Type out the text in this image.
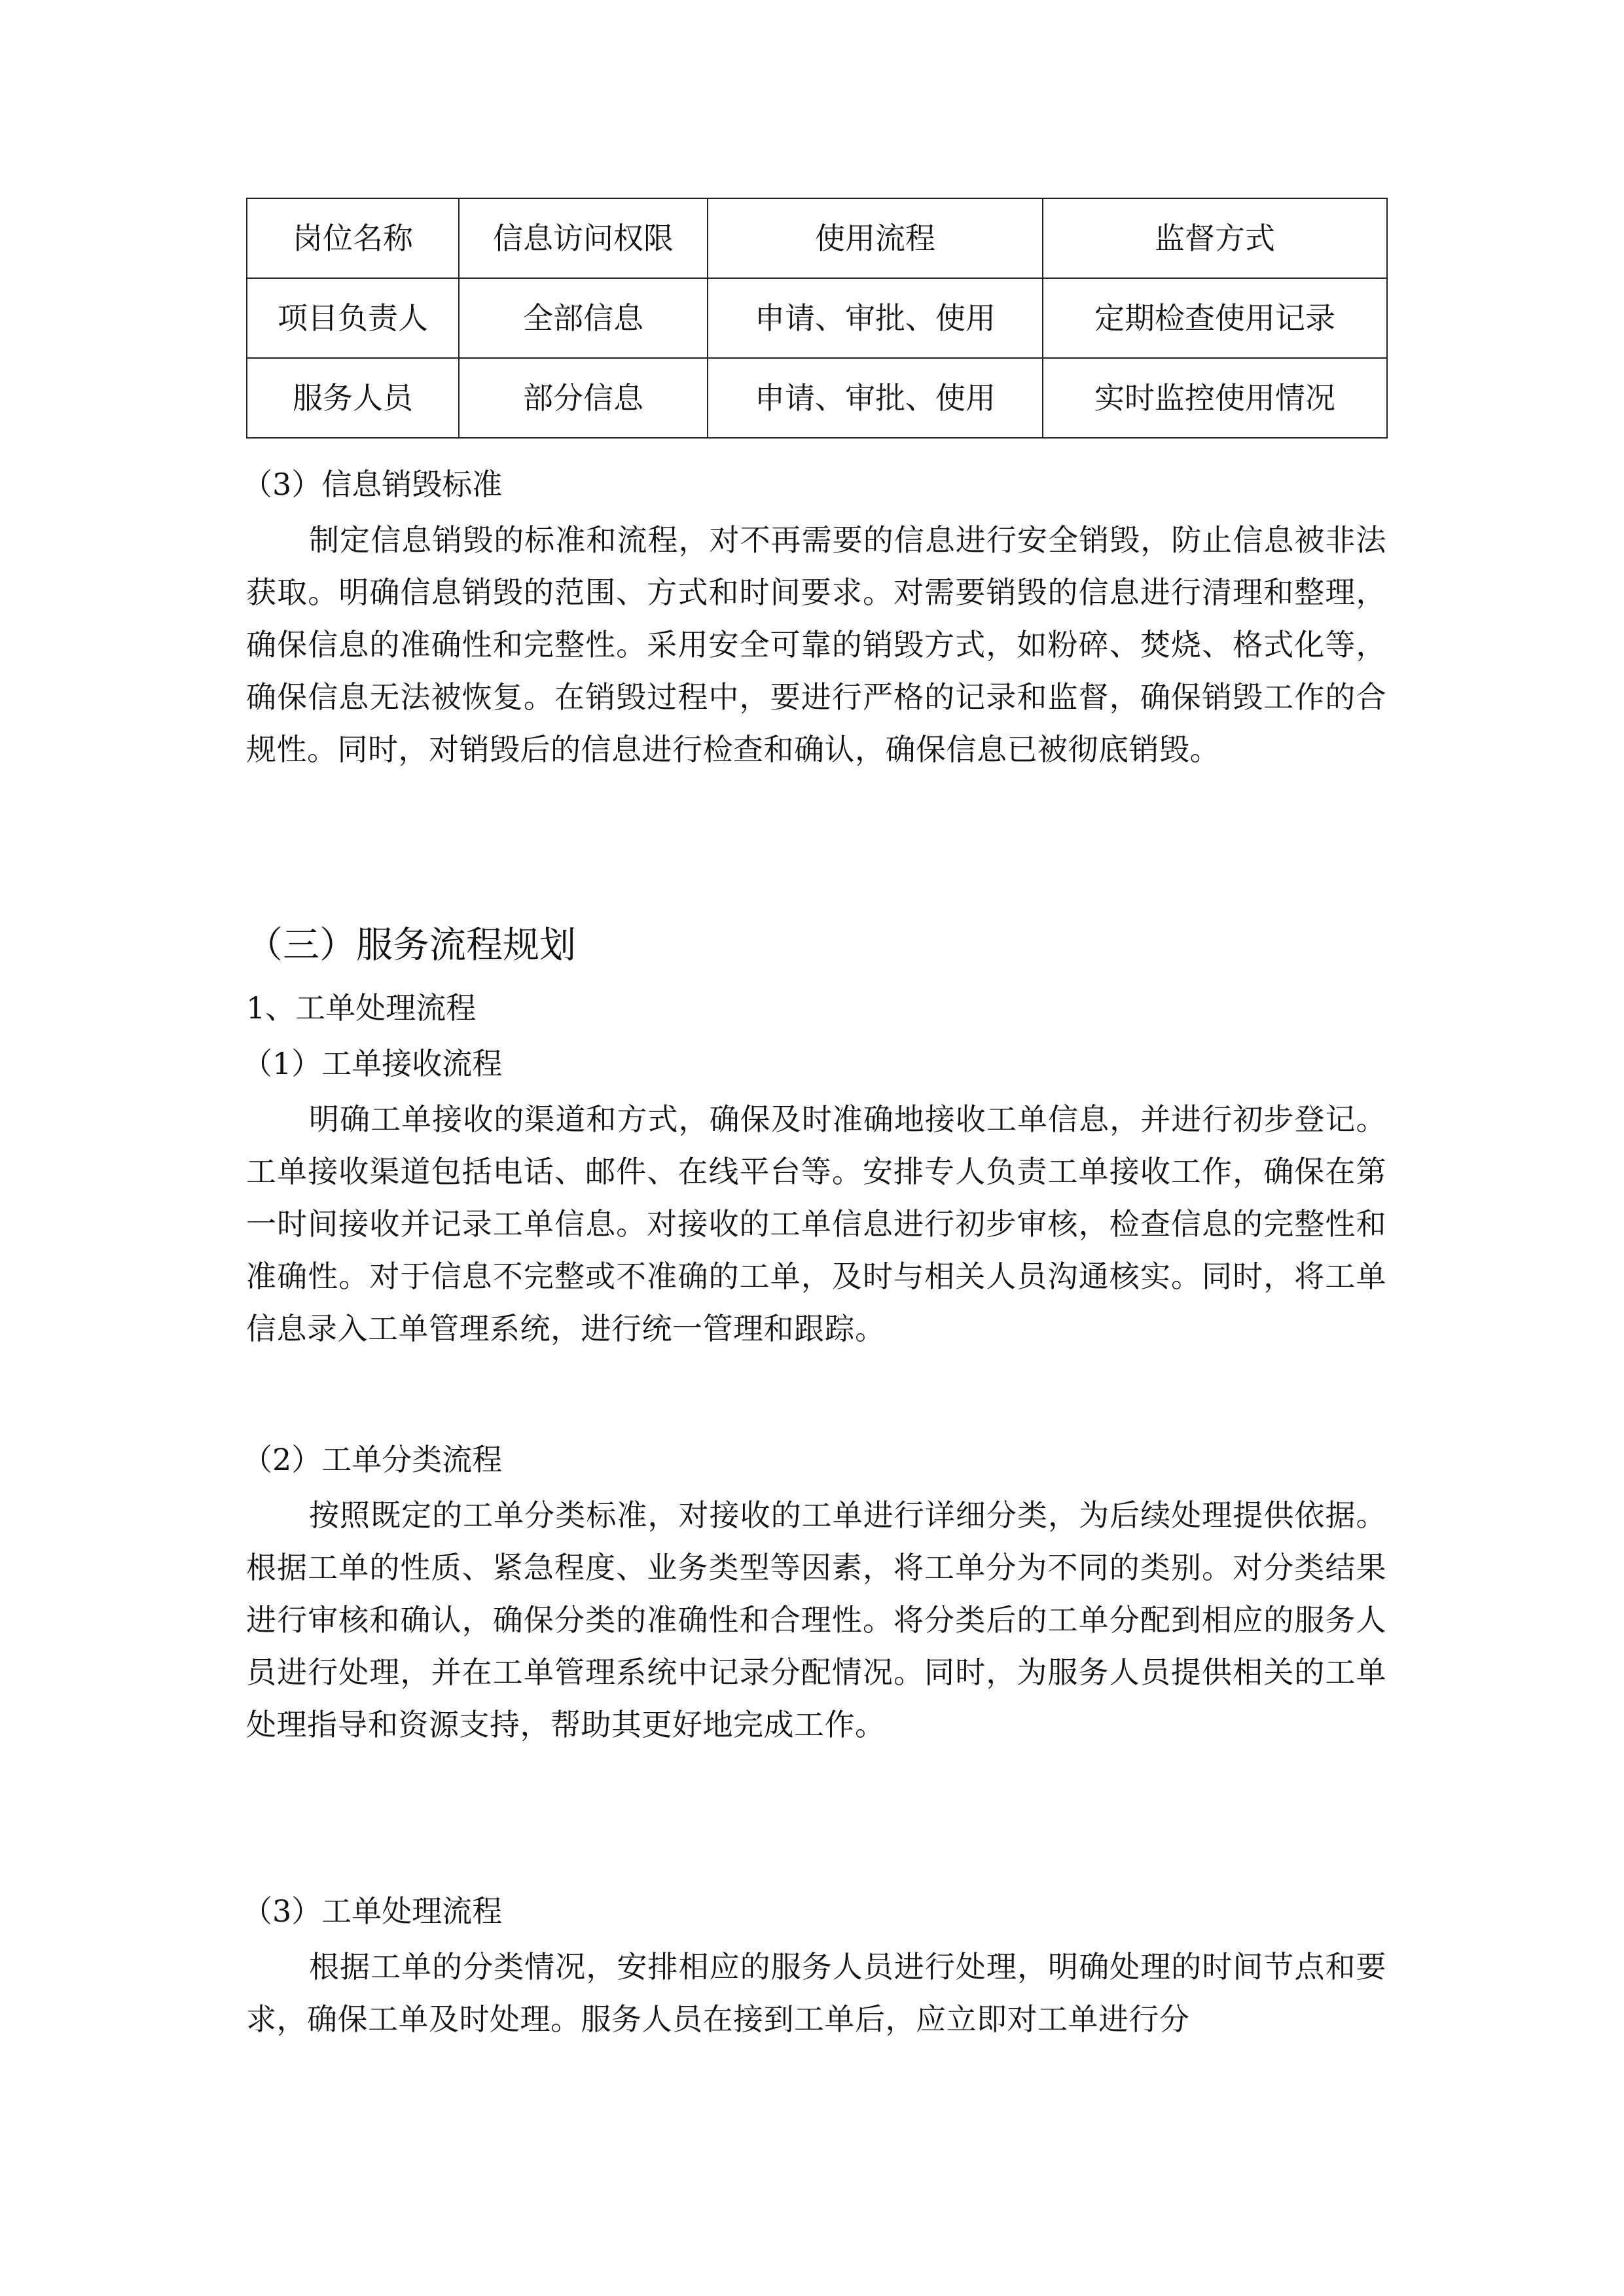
岗位名称	信息访问权限	使用流程	监督方式
项目负责人	全部信息	申请、审批、使用	定期检查使用记录
服务人员	部分信息	申请、审批、使用	实时监控使用情况

（3）信息销毁标准

制定信息销毁的标准和流程，对不再需要的信息进行安全销毁，防止信息被非法获取。明确信息销毁的范围、方式和时间要求。对需要销毁的信息进行清理和整理，确保信息的准确性和完整性。采用安全可靠的销毁方式，如粉碎、焚烧、格式化等，确保信息无法被恢复。在销毁过程中，要进行严格的记录和监督，确保销毁工作的合规性。同时，对销毁后的信息进行检查和确认，确保信息已被彻底销毁。

（三）服务流程规划

1、工单处理流程

（1）工单接收流程

明确工单接收的渠道和方式，确保及时准确地接收工单信息，并进行初步登记。工单接收渠道包括电话、邮件、在线平台等。安排专人负责工单接收工作，确保在第一时间接收并记录工单信息。对接收的工单信息进行初步审核，检查信息的完整性和准确性。对于信息不完整或不准确的工单，及时与相关人员沟通核实。同时，将工单信息录入工单管理系统，进行统一管理和跟踪。

（2）工单分类流程

按照既定的工单分类标准，对接收的工单进行详细分类，为后续处理提供依据。根据工单的性质、紧急程度、业务类型等因素，将工单分为不同的类别。对分类结果进行审核和确认，确保分类的准确性和合理性。将分类后的工单分配到相应的服务人员进行处理，并在工单管理系统中记录分配情况。同时，为服务人员提供相关的工单处理指导和资源支持，帮助其更好地完成工作。

（3）工单处理流程

根据工单的分类情况，安排相应的服务人员进行处理，明确处理的时间节点和要求，确保工单及时处理。服务人员在接到工单后，应立即对工单进行分
